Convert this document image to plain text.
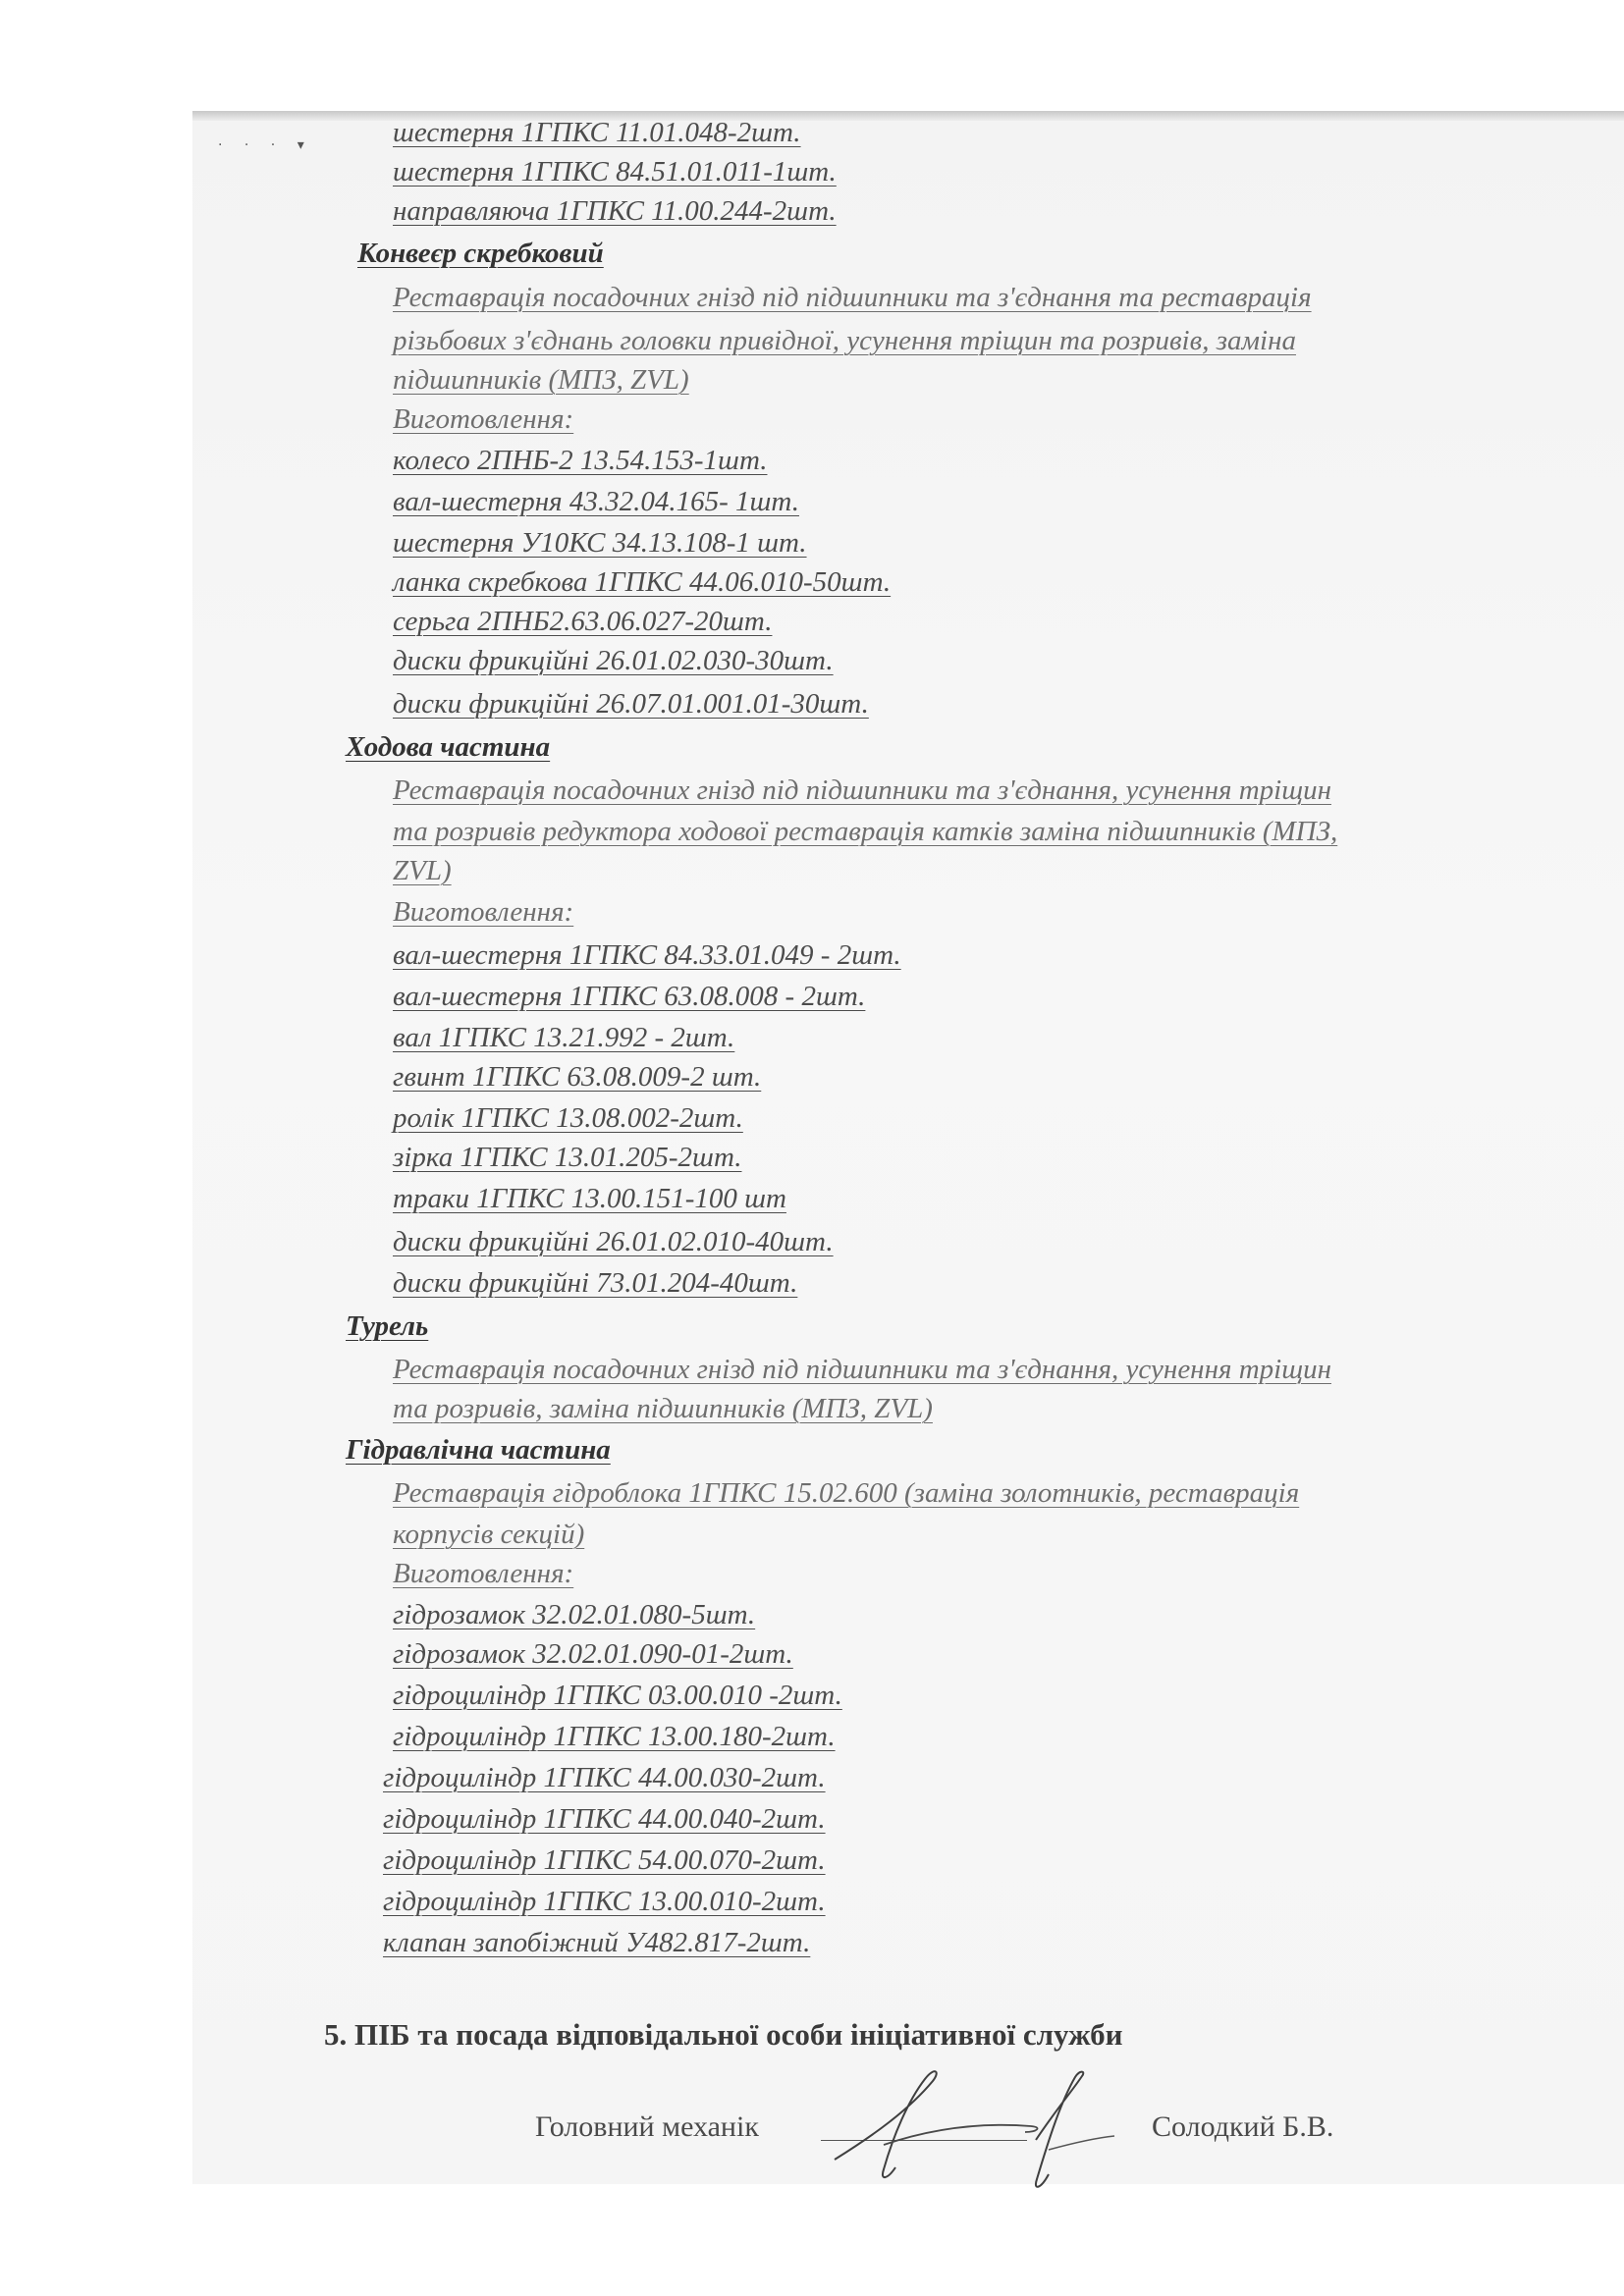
· · · ▾	шестерня 1ГПКС 11.01.048-2шт.
шестерня 1ГПКС 84.51.01.011-1шт.
направляюча 1ГПКС 11.00.244-2шт.
Конвеєр скребковий
Реставрація посадочних гнізд під підшипники та з'єднання та реставрація
різьбових з'єднань головки привідної, усунення тріщин та розривів, заміна
підшипників (МПЗ, ZVL)
Виготовлення:
колесо 2ПНБ-2 13.54.153-1шт.
вал-шестерня 43.32.04.165- 1шт.
шестерня У10КС 34.13.108-1 шт.
ланка скребкова 1ГПКС 44.06.010-50шт.
серьга 2ПНБ2.63.06.027-20шт.
диски фрикційні 26.01.02.030-30шт.
диски фрикційні 26.07.01.001.01-30шт.
Ходова частина
Реставрація посадочних гнізд під підшипники та з'єднання, усунення тріщин
та розривів редуктора ходової реставрація катків заміна підшипників (МПЗ,
ZVL)
Виготовлення:
вал-шестерня 1ГПКС 84.33.01.049 - 2шт.
вал-шестерня 1ГПКС 63.08.008 - 2шт.
вал 1ГПКС 13.21.992 - 2шт.
гвинт 1ГПКС 63.08.009-2 шт.
ролік 1ГПКС 13.08.002-2шт.
зірка 1ГПКС 13.01.205-2шт.
траки 1ГПКС 13.00.151-100 шт
диски фрикційні 26.01.02.010-40шт.
диски фрикційні 73.01.204-40шт.
Турель
Реставрація посадочних гнізд під підшипники та з'єднання, усунення тріщин
та розривів, заміна підшипників (МПЗ, ZVL)
Гідравлічна частина
Реставрація гідроблока 1ГПКС 15.02.600 (заміна золотників, реставрація
корпусів секцій)
Виготовлення:
гідрозамок 32.02.01.080-5шт.
гідрозамок 32.02.01.090-01-2шт.
гідроциліндр 1ГПКС 03.00.010 -2шт.
гідроциліндр 1ГПКС 13.00.180-2шт.
гідроциліндр 1ГПКС 44.00.030-2шт.
гідроциліндр 1ГПКС 44.00.040-2шт.
гідроциліндр 1ГПКС 54.00.070-2шт.
гідроциліндр 1ГПКС 13.00.010-2шт.
клапан запобіжний У482.817-2шт.
5. ПІБ та посада відповідальної особи ініціативної служби
Головний механік	Солодкий Б.В.
